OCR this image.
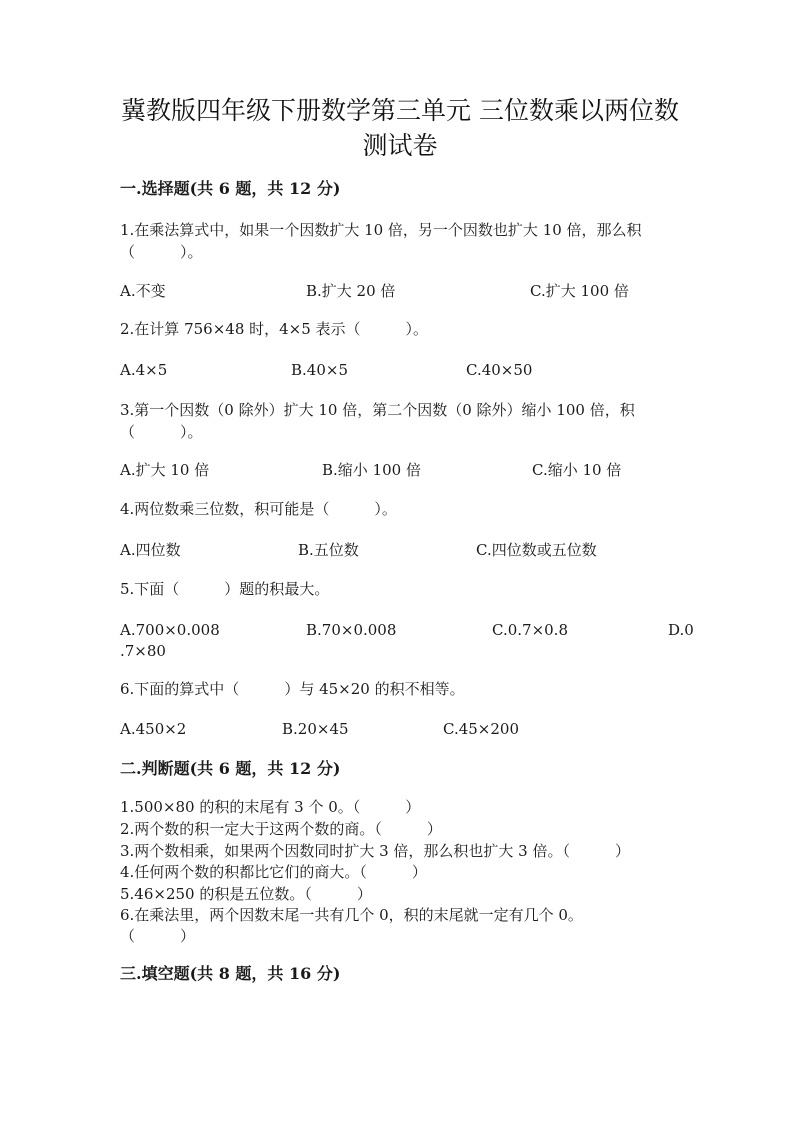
冀教版四年级下册数学第三单元 三位数乘以两位数
测试卷
一.选择题(共 6 题，共 12 分)
1.在乘法算式中，如果一个因数扩大 10 倍，另一个因数也扩大 10 倍，那么积
（　　　）。
A.不变	B.扩大 20 倍	C.扩大 100 倍
2.在计算 756×48 时，4×5 表示（　　　）。
A.4×5	B.40×5	C.40×50
3.第一个因数（0 除外）扩大 10 倍，第二个因数（0 除外）缩小 100 倍，积
（　　　）。
A.扩大 10 倍	B.缩小 100 倍	C.缩小 10 倍
4.两位数乘三位数，积可能是（　　　）。
A.四位数	B.五位数	C.四位数或五位数
5.下面（　　　）题的积最大。
A.700×0.008	B.70×0.008	C.0.7×0.8	D.0
.7×80
6.下面的算式中（　　　）与 45×20 的积不相等。
A.450×2	B.20×45	C.45×200
二.判断题(共 6 题，共 12 分)
1.500×80 的积的末尾有 3 个 0。（　　　）
2.两个数的积一定大于这两个数的商。（　　　）
3.两个数相乘，如果两个因数同时扩大 3 倍，那么积也扩大 3 倍。（　　　）
4.任何两个数的积都比它们的商大。（　　　）
5.46×250 的积是五位数。（　　　）
6.在乘法里，两个因数末尾一共有几个 0，积的末尾就一定有几个 0。
（　　　）
三.填空题(共 8 题，共 16 分)
